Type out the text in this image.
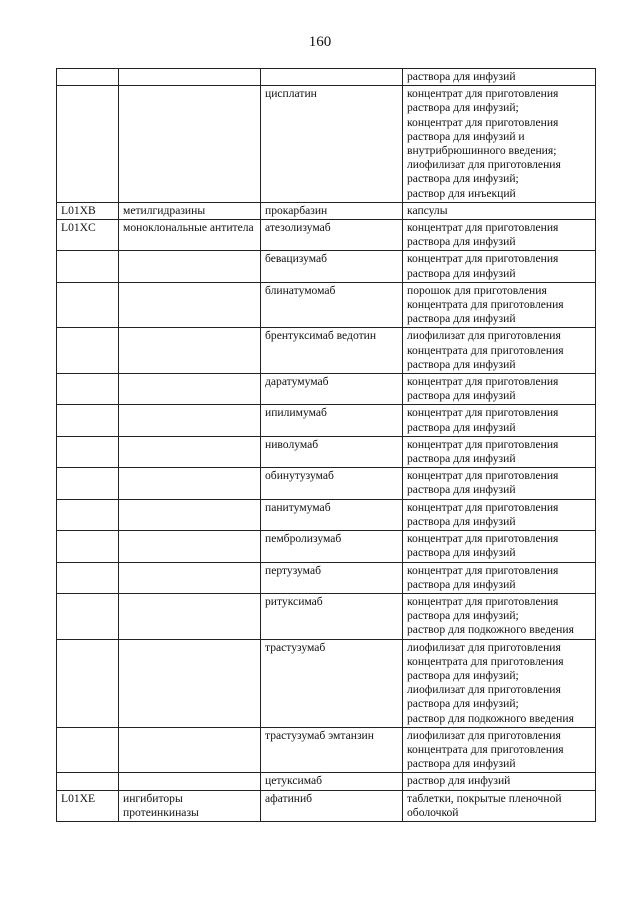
160

			раствора для инфузий

		цисплатин	концентрат для приготовления раствора для инфузий;
концентрат для приготовления раствора для инфузий и внутрибрюшинного введения;
лиофилизат для приготовления раствора для инфузий;
раствор для инъекций

L01XB	метилгидразины	прокарбазин	капсулы

L01XC	моноклональные антитела	атезолизумаб	концентрат для приготовления раствора для инфузий

		бевацизумаб	концентрат для приготовления раствора для инфузий

		блинатумомаб	порошок для приготовления концентрата для приготовления раствора для инфузий

		брентуксимаб ведотин	лиофилизат для приготовления концентрата для приготовления раствора для инфузий

		даратумумаб	концентрат для приготовления раствора для инфузий

		ипилимумаб	концентрат для приготовления раствора для инфузий

		ниволумаб	концентрат для приготовления раствора для инфузий

		обинутузумаб	концентрат для приготовления раствора для инфузий

		панитумумаб	концентрат для приготовления раствора для инфузий

		пембролизумаб	концентрат для приготовления раствора для инфузий

		пертузумаб	концентрат для приготовления раствора для инфузий

		ритуксимаб	концентрат для приготовления раствора для инфузий;
раствор для подкожного введения

		трастузумаб	лиофилизат для приготовления концентрата для приготовления раствора для инфузий;
лиофилизат для приготовления раствора для инфузий;
раствор для подкожного введения

		трастузумаб эмтанзин	лиофилизат для приготовления концентрата для приготовления раствора для инфузий

		цетуксимаб	раствор для инфузий

L01XE	ингибиторы протеинкиназы	афатиниб	таблетки, покрытые пленочной оболочкой
